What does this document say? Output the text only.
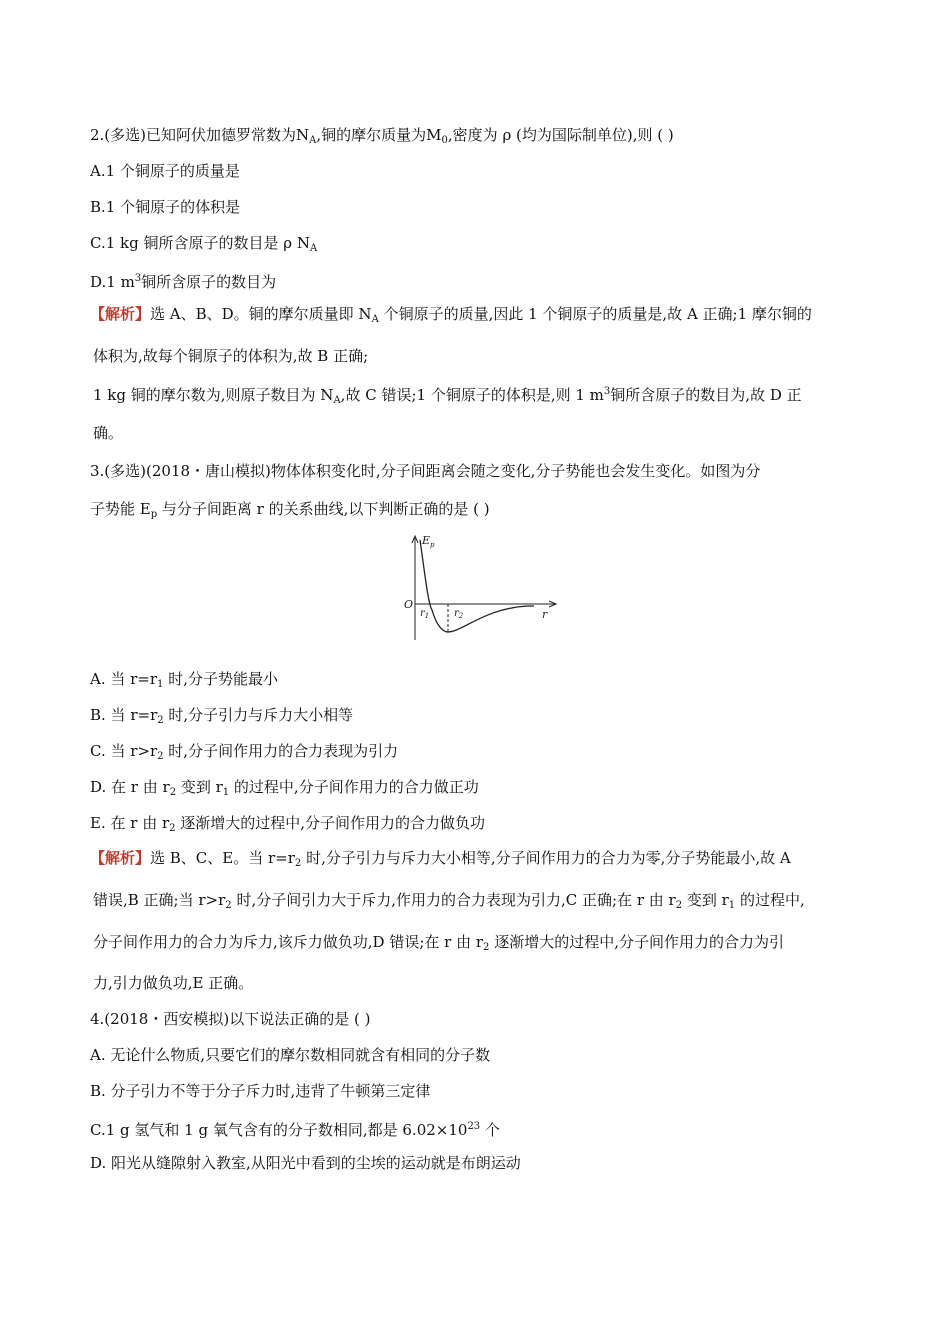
2.(多选)已知阿伏加德罗常数为$N_A$,铜的摩尔质量为$M_0$,密度为 ρ (均为国际制单位),则 ( )
A.1 个铜原子的质量是
B.1 个铜原子的体积是
C.1 kg 铜所含原子的数目是 ρ $N_A$
D.1 $m^3$铜所含原子的数目为
【解析】选 A、B、D。铜的摩尔质量即 $N_A$ 个铜原子的质量,因此 1 个铜原子的质量是,故 A 正确;1 摩尔铜的
体积为,故每个铜原子的体积为,故 B 正确;
1 kg 铜的摩尔数为,则原子数目为 $N_A$,故 C 错误;1 个铜原子的体积是,则 1 $m^3$铜所含原子的数目为,故 D 正
确。
3.(多选)(2018・唐山模拟)物体体积变化时,分子间距离会随之变化,分子势能也会发生变化。如图为分
子势能 $E_p$ 与分子间距离 r 的关系曲线,以下判断正确的是 ( )
$E_p$
O
$r_1$ $r_2$	r
A. 当 $r=r_1$ 时,分子势能最小
B. 当 $r=r_2$ 时,分子引力与斥力大小相等
C. 当 $r>r_2$ 时,分子间作用力的合力表现为引力
D. 在 r 由 $r_2$ 变到 $r_1$ 的过程中,分子间作用力的合力做正功
E. 在 r 由 $r_2$ 逐渐增大的过程中,分子间作用力的合力做负功
【解析】选 B、C、E。当 $r=r_2$ 时,分子引力与斥力大小相等,分子间作用力的合力为零,分子势能最小,故 A
错误,B 正确;当 $r>r_2$ 时,分子间引力大于斥力,作用力的合力表现为引力,C 正确;在 r 由 $r_2$ 变到 $r_1$ 的过程中,
分子间作用力的合力为斥力,该斥力做负功,D 错误;在 r 由 $r_2$ 逐渐增大的过程中,分子间作用力的合力为引
力,引力做负功,E 正确。
4.(2018・西安模拟)以下说法正确的是 ( )
A. 无论什么物质,只要它们的摩尔数相同就含有相同的分子数
B. 分子引力不等于分子斥力时,违背了牛顿第三定律
C.1 g 氢气和 1 g 氧气含有的分子数相同,都是 $6.02\times 10^{23}$ 个
D. 阳光从缝隙射入教室,从阳光中看到的尘埃的运动就是布朗运动
